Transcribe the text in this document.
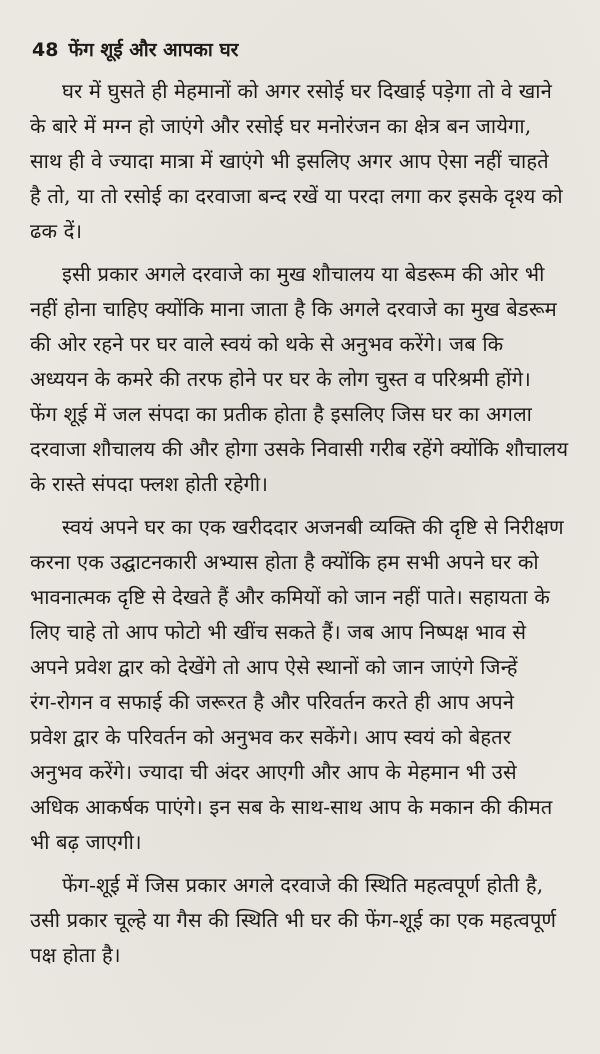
48 फेंग शूई और आपका घर
घर में घुसते ही मेहमानों को अगर रसोई घर दिखाई पड़ेगा तो वे खाने
के बारे में मग्न हो जाएंगे और रसोई घर मनोरंजन का क्षेत्र बन जायेगा,
साथ ही वे ज्यादा मात्रा में खाएंगे भी इसलिए अगर आप ऐसा नहीं चाहते
है तो, या तो रसोई का दरवाजा बन्द रखें या परदा लगा कर इसके दृश्य को
ढक दें।
इसी प्रकार अगले दरवाजे का मुख शौचालय या बेडरूम की ओर भी
नहीं होना चाहिए क्योंकि माना जाता है कि अगले दरवाजे का मुख बेडरूम
की ओर रहने पर घर वाले स्वयं को थके से अनुभव करेंगे। जब कि
अध्ययन के कमरे की तरफ होने पर घर के लोग चुस्त व परिश्रमी होंगे।
फेंग शूई में जल संपदा का प्रतीक होता है इसलिए जिस घर का अगला
दरवाजा शौचालय की और होगा उसके निवासी गरीब रहेंगे क्योंकि शौचालय
के रास्ते संपदा फ्लश होती रहेगी।
स्वयं अपने घर का एक खरीददार अजनबी व्यक्ति की दृष्टि से निरीक्षण
करना एक उद्घाटनकारी अभ्यास होता है क्योंकि हम सभी अपने घर को
भावनात्मक दृष्टि से देखते हैं और कमियों को जान नहीं पाते। सहायता के
लिए चाहे तो आप फोटो भी खींच सकते हैं। जब आप निष्पक्ष भाव से
अपने प्रवेश द्वार को देखेंगे तो आप ऐसे स्थानों को जान जाएंगे जिन्हें
रंग-रोगन व सफाई की जरूरत है और परिवर्तन करते ही आप अपने
प्रवेश द्वार के परिवर्तन को अनुभव कर सकेंगे। आप स्वयं को बेहतर
अनुभव करेंगे। ज्यादा ची अंदर आएगी और आप के मेहमान भी उसे
अधिक आकर्षक पाएंगे। इन सब के साथ-साथ आप के मकान की कीमत
भी बढ़ जाएगी।
फेंग-शूई में जिस प्रकार अगले दरवाजे की स्थिति महत्वपूर्ण होती है,
उसी प्रकार चूल्हे या गैस की स्थिति भी घर की फेंग-शूई का एक महत्वपूर्ण
पक्ष होता है।
